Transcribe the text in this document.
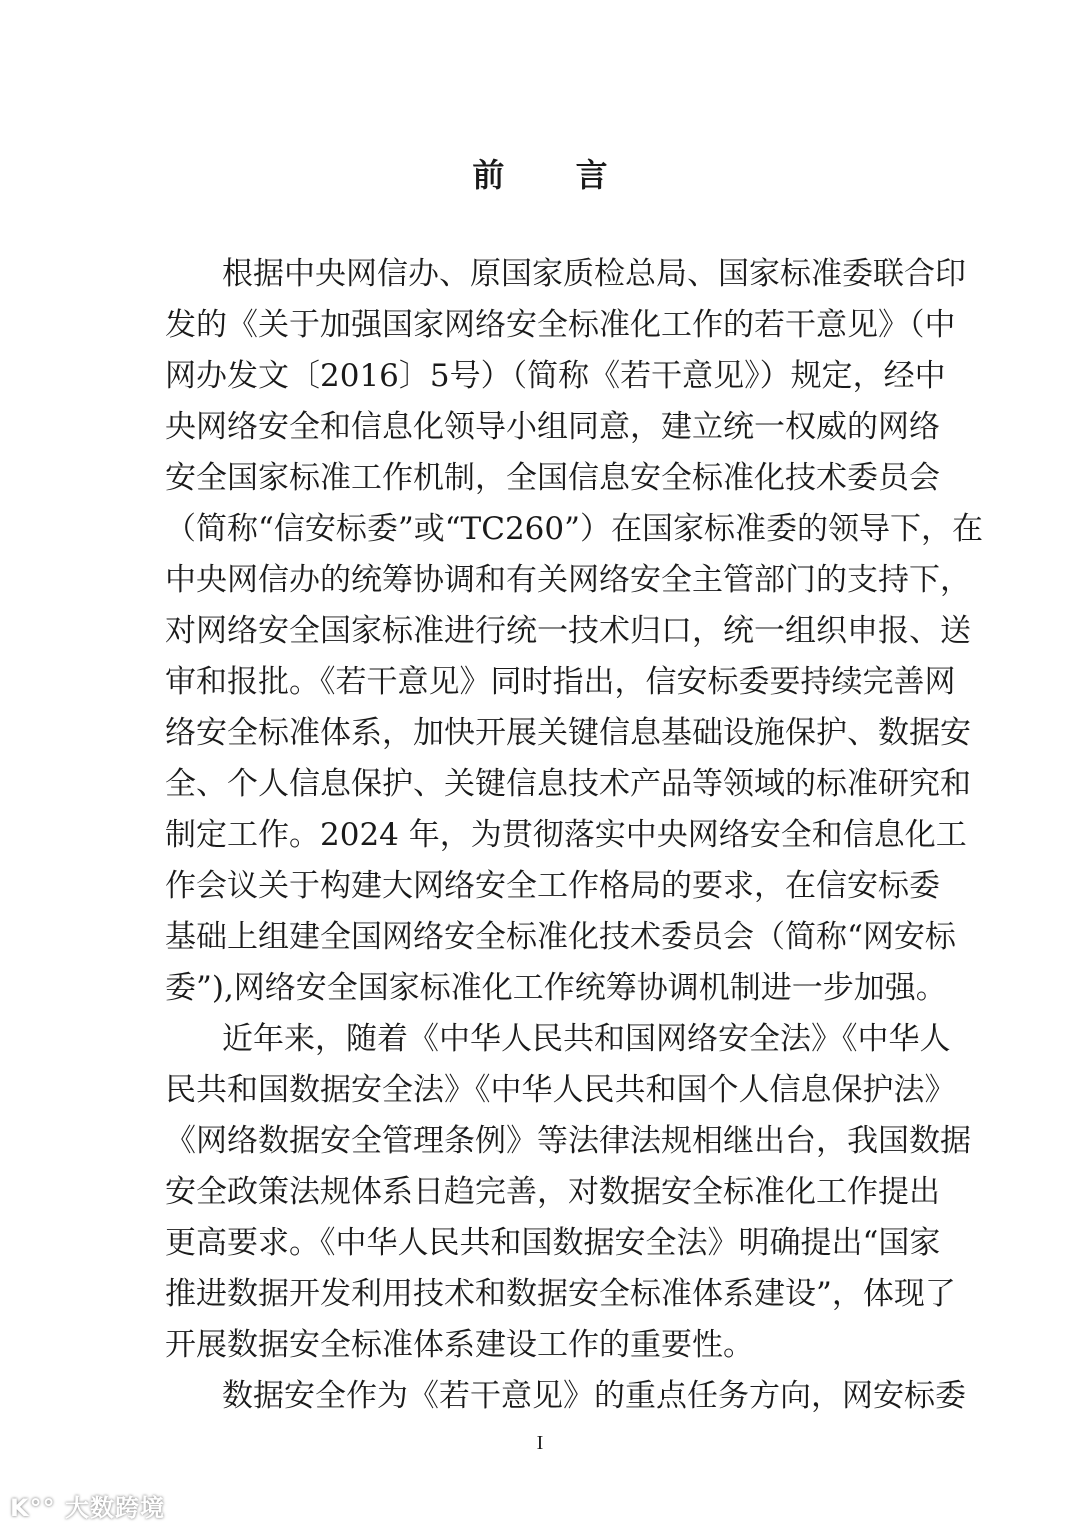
前 言
根据中央网信办、原国家质检总局、国家标准委联合印
发的《关于加强国家网络安全标准化工作的若干意见》（中
网办发文〔2016〕5号）（简称《若干意见》）规定，经中
央网络安全和信息化领导小组同意，建立统一权威的网络
安全国家标准工作机制，全国信息安全标准化技术委员会
（简称“信安标委”或“TC260”）在国家标准委的领导下，在
中央网信办的统筹协调和有关网络安全主管部门的支持下，
对网络安全国家标准进行统一技术归口，统一组织申报、送
审和报批。《若干意见》同时指出，信安标委要持续完善网
络安全标准体系，加快开展关键信息基础设施保护、数据安
全、个人信息保护、关键信息技术产品等领域的标准研究和
制定工作。2024 年，为贯彻落实中央网络安全和信息化工
作会议关于构建大网络安全工作格局的要求，在信安标委
基础上组建全国网络安全标准化技术委员会（简称“网安标
委”),网络安全国家标准化工作统筹协调机制进一步加强。
近年来，随着《中华人民共和国网络安全法》《中华人
民共和国数据安全法》《中华人民共和国个人信息保护法》
《网络数据安全管理条例》等法律法规相继出台，我国数据
安全政策法规体系日趋完善，对数据安全标准化工作提出
更高要求。《中华人民共和国数据安全法》明确提出“国家
推进数据开发利用技术和数据安全标准体系建设”，体现了
开展数据安全标准体系建设工作的重要性。
数据安全作为《若干意见》的重点任务方向，网安标委
I
K°° 大数跨境
